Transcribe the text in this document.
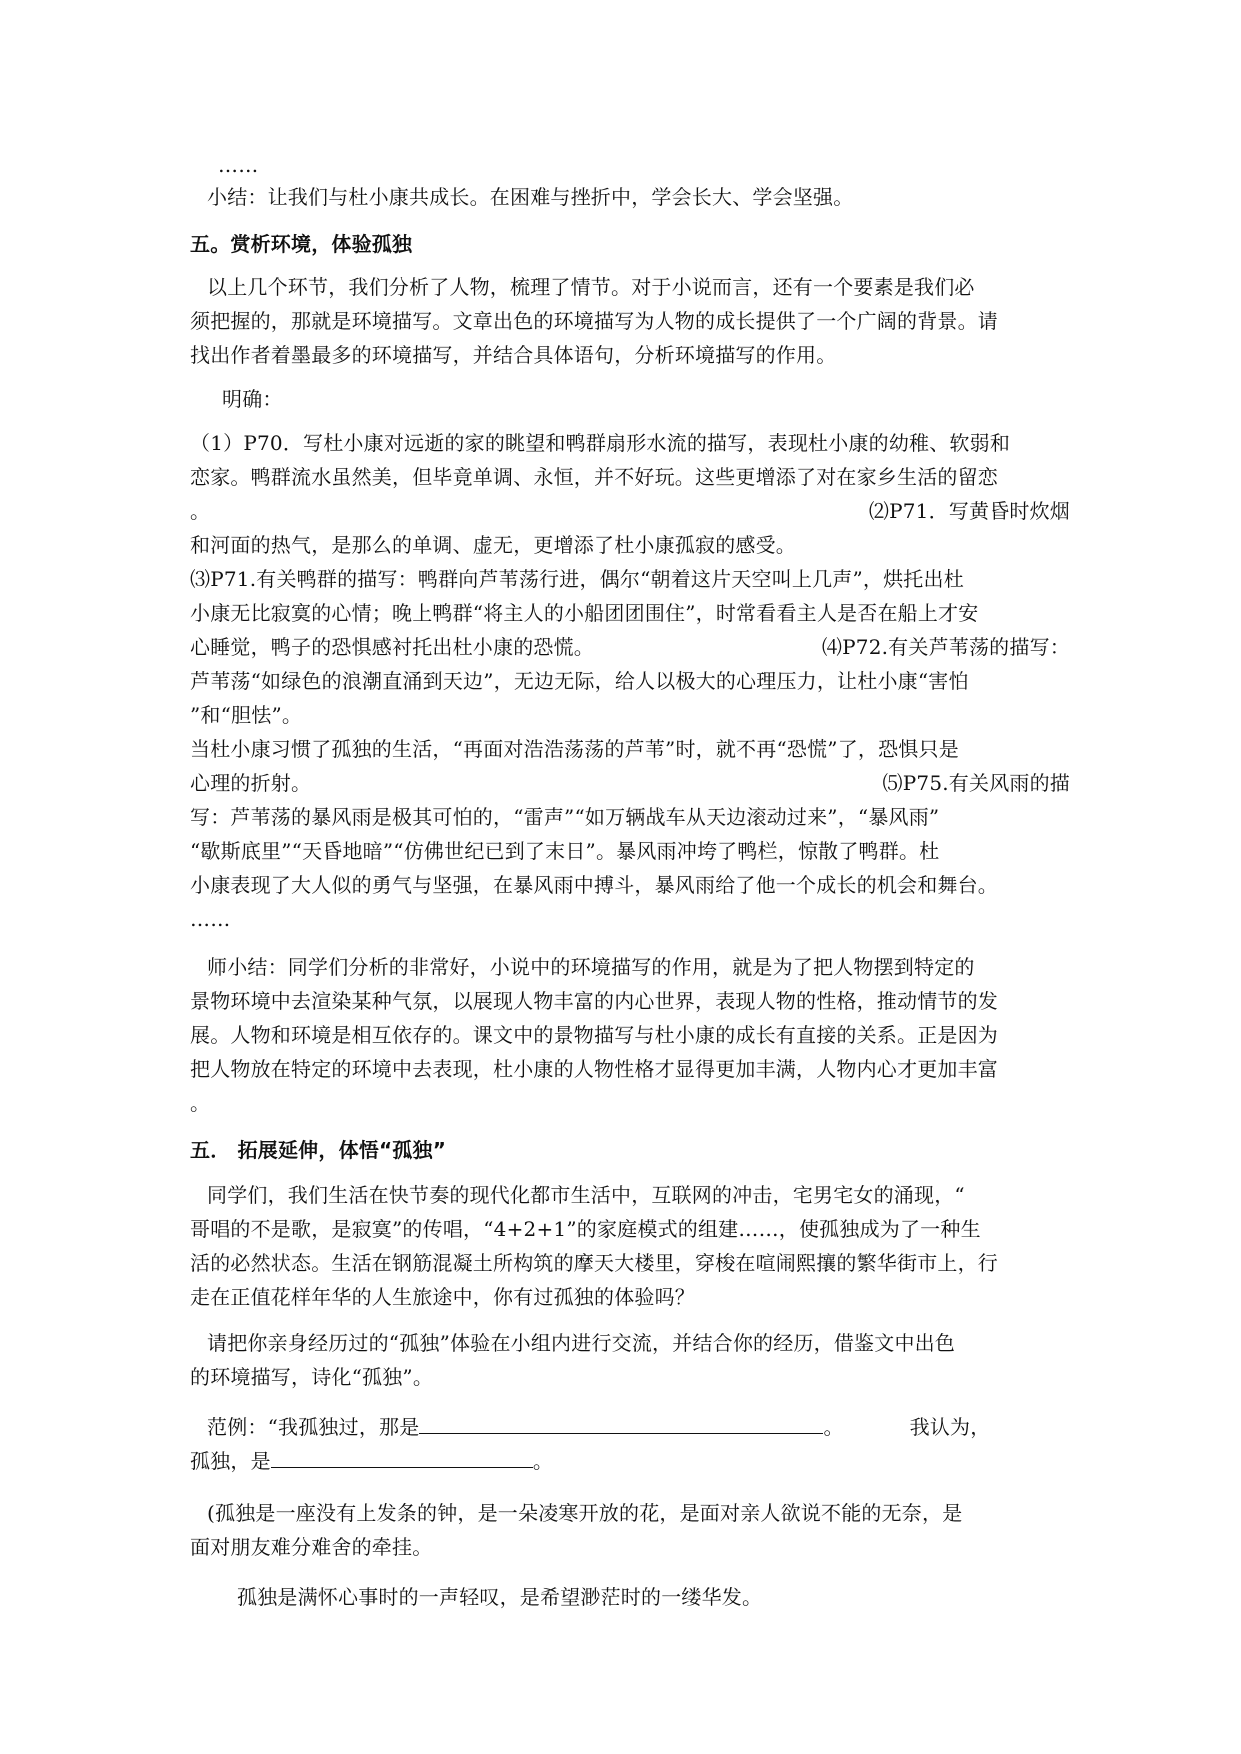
……
小结：让我们与杜小康共成长。在困难与挫折中，学会长大、学会坚强。
五。赏析环境，体验孤独
以上几个环节，我们分析了人物，梳理了情节。对于小说而言，还有一个要素是我们必
须把握的，那就是环境描写。文章出色的环境描写为人物的成长提供了一个广阔的背景。请
找出作者着墨最多的环境描写，并结合具体语句，分析环境描写的作用。
明确：
（1）P70．写杜小康对远逝的家的眺望和鸭群扇形水流的描写，表现杜小康的幼稚、软弱和
恋家。鸭群流水虽然美，但毕竟单调、永恒，并不好玩。这些更增添了对在家乡生活的留恋
。	⑵P71．写黄昏时炊烟
和河面的热气，是那么的单调、虚无，更增添了杜小康孤寂的感受。
⑶P71.有关鸭群的描写：鸭群向芦苇荡行进，偶尔“朝着这片天空叫上几声”，烘托出杜
小康无比寂寞的心情；晚上鸭群“将主人的小船团团围住”，时常看看主人是否在船上才安
心睡觉，鸭子的恐惧感衬托出杜小康的恐慌。	⑷P72.有关芦苇荡的描写：
芦苇荡“如绿色的浪潮直涌到天边”，无边无际，给人以极大的心理压力，让杜小康“害怕
”和“胆怯”。
当杜小康习惯了孤独的生活，“再面对浩浩荡荡的芦苇”时，就不再“恐慌”了，恐惧只是
心理的折射。	⑸P75.有关风雨的描
写：芦苇荡的暴风雨是极其可怕的，“雷声”“如万辆战车从天边滚动过来”，“暴风雨”
“歇斯底里”“天昏地暗”“仿佛世纪已到了末日”。暴风雨冲垮了鸭栏，惊散了鸭群。杜
小康表现了大人似的勇气与坚强，在暴风雨中搏斗，暴风雨给了他一个成长的机会和舞台。
……
师小结：同学们分析的非常好，小说中的环境描写的作用，就是为了把人物摆到特定的
景物环境中去渲染某种气氛，以展现人物丰富的内心世界，表现人物的性格，推动情节的发
展。人物和环境是相互依存的。课文中的景物描写与杜小康的成长有直接的关系。正是因为
把人物放在特定的环境中去表现，杜小康的人物性格才显得更加丰满，人物内心才更加丰富
。
五． 拓展延伸，体悟“孤独”
同学们，我们生活在快节奏的现代化都市生活中，互联网的冲击，宅男宅女的涌现，“
哥唱的不是歌，是寂寞”的传唱，“4+2+1”的家庭模式的组建……，使孤独成为了一种生
活的必然状态。生活在钢筋混凝土所构筑的摩天大楼里，穿梭在喧闹熙攘的繁华街市上，行
走在正值花样年华的人生旅途中，你有过孤独的体验吗？
请把你亲身经历过的“孤独”体验在小组内进行交流，并结合你的经历，借鉴文中出色
的环境描写，诗化“孤独”。
范例：“我孤独过，那是	。	我认为，
孤独，是	。
(孤独是一座没有上发条的钟，是一朵凌寒开放的花，是面对亲人欲说不能的无奈，是
面对朋友难分难舍的牵挂。
孤独是满怀心事时的一声轻叹，是希望渺茫时的一缕华发。
